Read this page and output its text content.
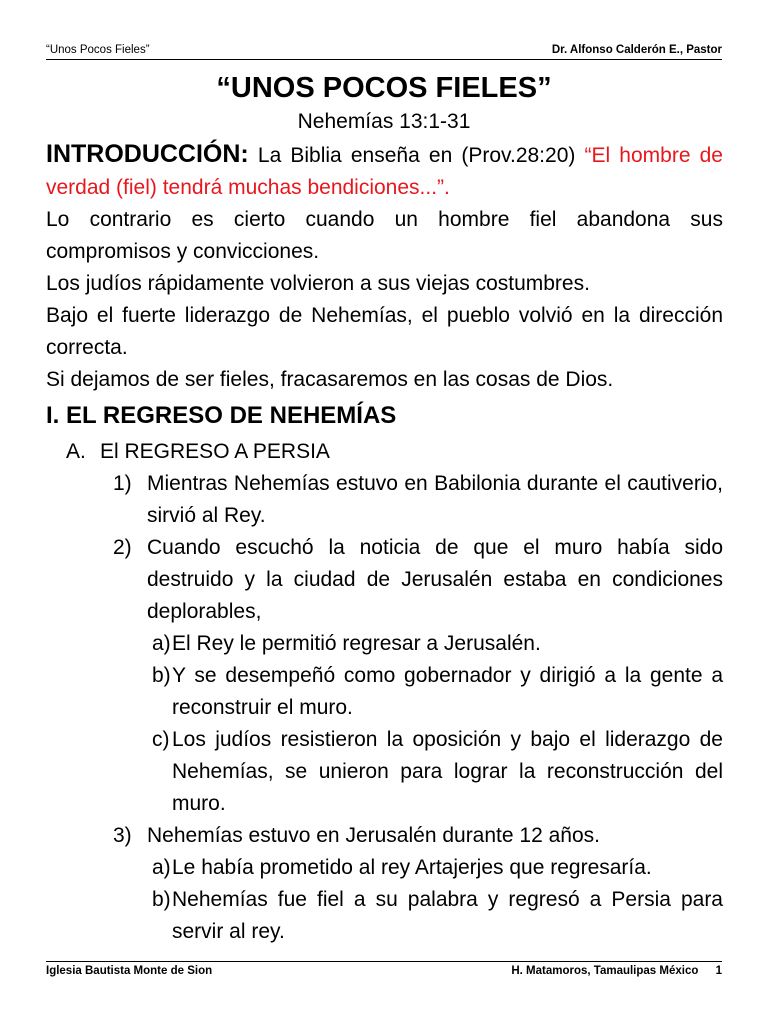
“Unos Pocos Fieles”	Dr. Alfonso Calderón E., Pastor
“UNOS POCOS FIELES”
Nehemías 13:1-31

INTRODUCCIÓN: La Biblia enseña en (Prov.28:20) “El hombre de verdad (fiel) tendrá muchas bendiciones...”.

Lo contrario es cierto cuando un hombre fiel abandona sus compromisos y convicciones.

Los judíos rápidamente volvieron a sus viejas costumbres.

Bajo el fuerte liderazgo de Nehemías, el pueblo volvió en la dirección correcta.

Si dejamos de ser fieles, fracasaremos en las cosas de Dios.

I. EL REGRESO DE NEHEMÍAS
A. El REGRESO A PERSIA
1) Mientras Nehemías estuvo en Babilonia durante el cautiverio, sirvió al Rey.
2) Cuando escuchó la noticia de que el muro había sido destruido y la ciudad de Jerusalén estaba en condiciones deplorables,
a) El Rey le permitió regresar a Jerusalén.
b) Y se desempeñó como gobernador y dirigió a la gente a reconstruir el muro.
c) Los judíos resistieron la oposición y bajo el liderazgo de Nehemías, se unieron para lograr la reconstrucción del muro.
3) Nehemías estuvo en Jerusalén durante 12 años.
a) Le había prometido al rey Artajerjes que regresaría.
b) Nehemías fue fiel a su palabra y regresó a Persia para servir al rey.
Iglesia Bautista Monte de Sion	H. Matamoros, Tamaulipas México 1
